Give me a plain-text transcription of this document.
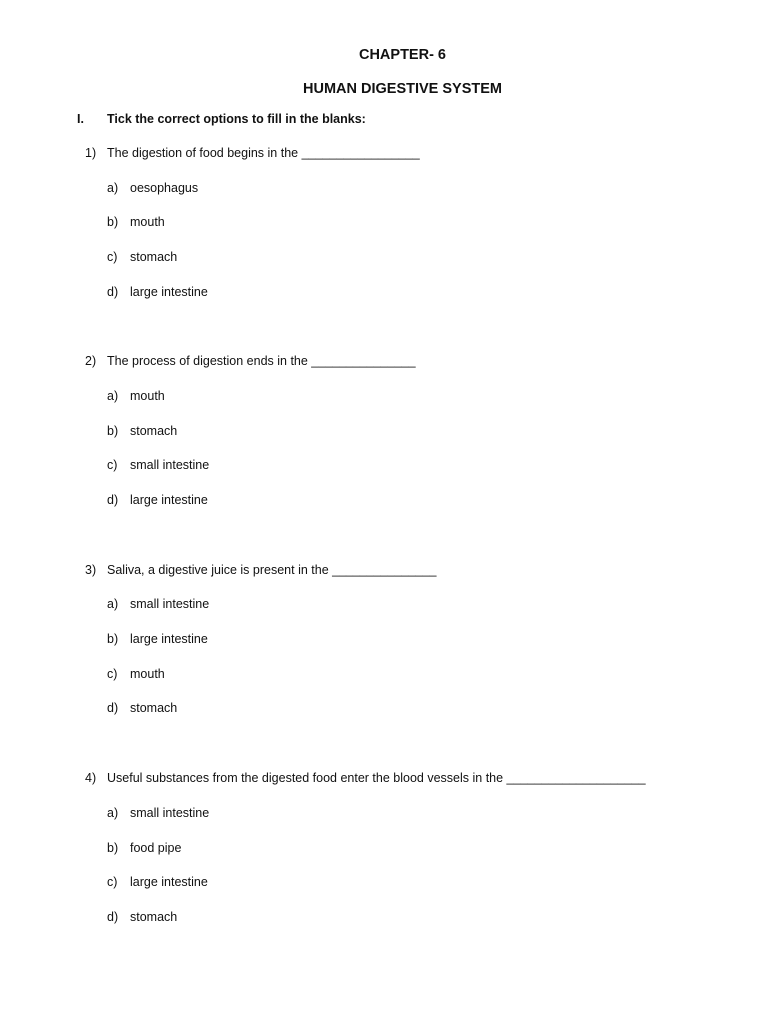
CHAPTER- 6
HUMAN DIGESTIVE SYSTEM
I. Tick the correct options to fill in the blanks:
1) The digestion of food begins in the _________________
a) oesophagus
b) mouth
c) stomach
d) large intestine
2) The process of digestion ends in the _______________
a) mouth
b) stomach
c) small intestine
d) large intestine
3) Saliva, a digestive juice is present in the _______________
a) small intestine
b) large intestine
c) mouth
d) stomach
4) Useful substances from the digested food enter the blood vessels in the ____________________
a) small intestine
b) food pipe
c) large intestine
d) stomach
